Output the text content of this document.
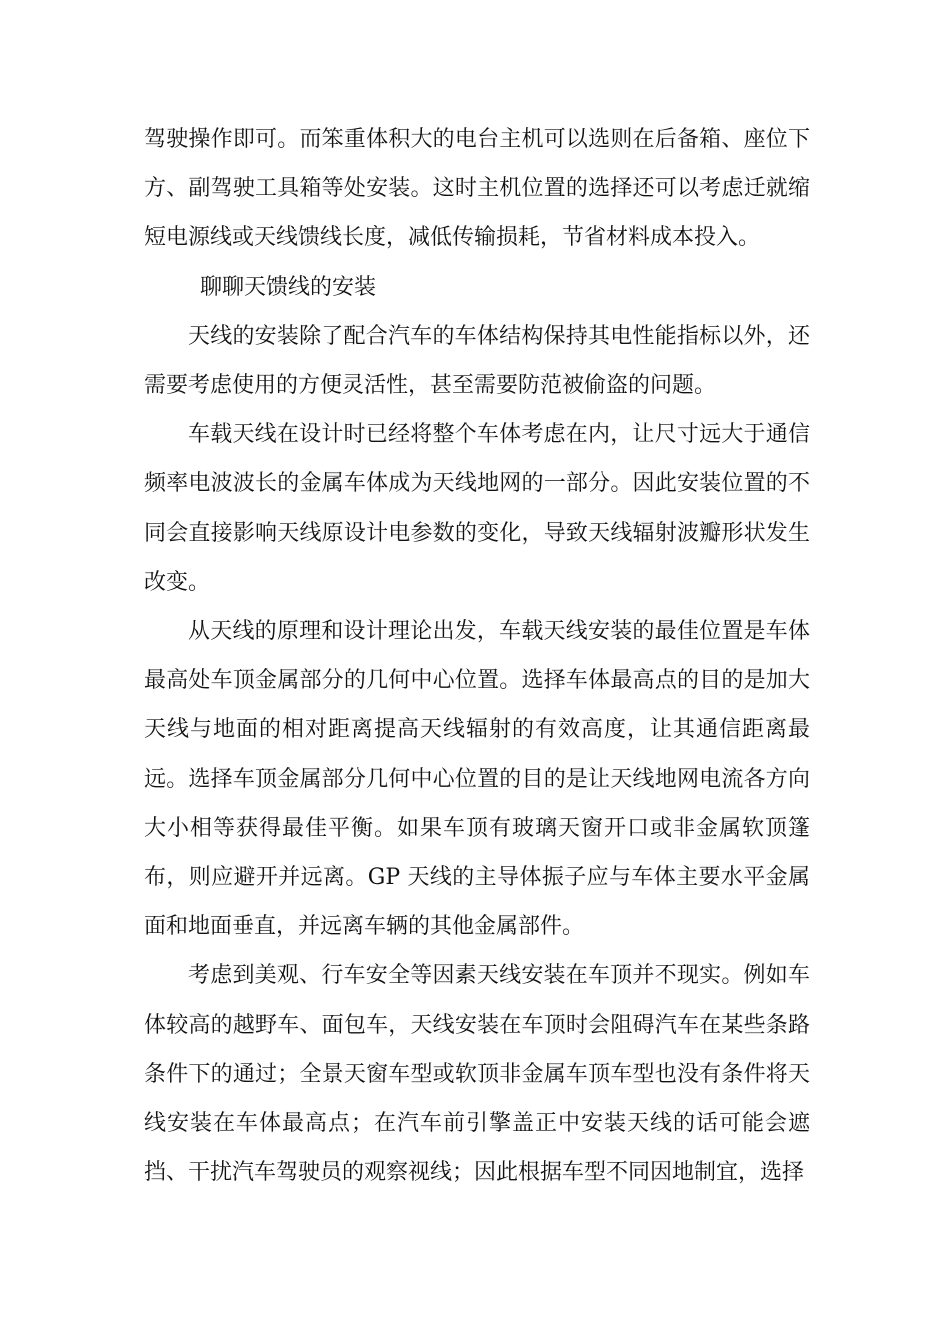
驾驶操作即可。而笨重体积大的电台主机可以选则在后备箱、座位下方、副驾驶工具箱等处安装。这时主机位置的选择还可以考虑迁就缩短电源线或天线馈线长度，减低传输损耗，节省材料成本投入。

聊聊天馈线的安装

天线的安装除了配合汽车的车体结构保持其电性能指标以外，还需要考虑使用的方便灵活性，甚至需要防范被偷盗的问题。

车载天线在设计时已经将整个车体考虑在内，让尺寸远大于通信频率电波波长的金属车体成为天线地网的一部分。因此安装位置的不同会直接影响天线原设计电参数的变化，导致天线辐射波瓣形状发生改变。

从天线的原理和设计理论出发，车载天线安装的最佳位置是车体最高处车顶金属部分的几何中心位置。选择车体最高点的目的是加大天线与地面的相对距离提高天线辐射的有效高度，让其通信距离最远。选择车顶金属部分几何中心位置的目的是让天线地网电流各方向大小相等获得最佳平衡。如果车顶有玻璃天窗开口或非金属软顶篷布，则应避开并远离。GP 天线的主导体振子应与车体主要水平金属面和地面垂直，并远离车辆的其他金属部件。

考虑到美观、行车安全等因素天线安装在车顶并不现实。例如车体较高的越野车、面包车，天线安装在车顶时会阻碍汽车在某些条路条件下的通过；全景天窗车型或软顶非金属车顶车型也没有条件将天线安装在车体最高点；在汽车前引擎盖正中安装天线的话可能会遮挡、干扰汽车驾驶员的观察视线；因此根据车型不同因地制宜，选择
